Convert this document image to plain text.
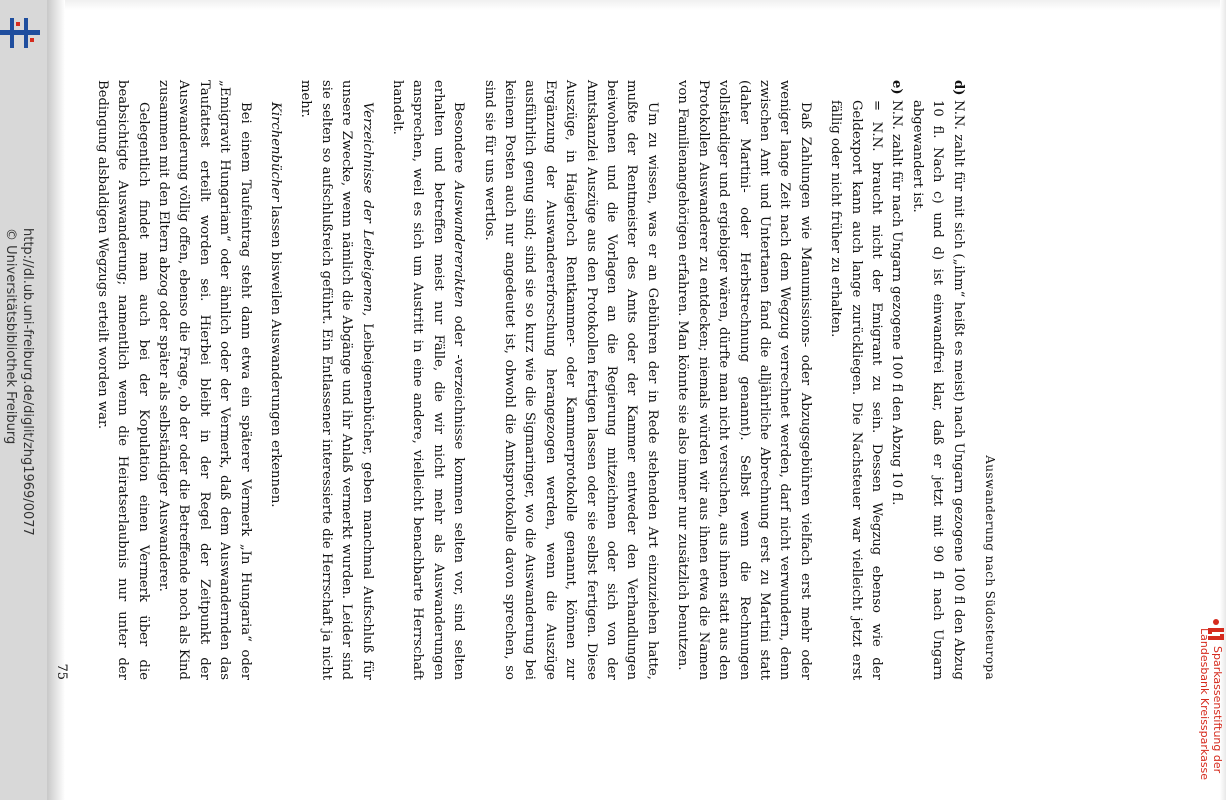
http://dl.ub.uni-freiburg.de/diglit/zhg1969/0077
© Universitätsbibliothek Freiburg
Sparkassenstiftung der
Landesbank Kreissparkasse
Auswanderung nach Südosteuropa
d)
N.N. zahlt für mit sich („ihm“ heißt es meist) nach Ungarn gezogene 100 fl den Abzug 10 fl. Nach c) und d) ist einwandfrei klar, daß er jetzt mit 90 fl nach Ungarn abgewandert ist.
e)

N.N. zahlt für nach Ungarn gezogene 100 fl den Abzug 10 fl.

= N.N. braucht nicht der Emigrant zu sein. Dessen Wegzug ebenso wie der Geldexport kann auch lange zurückliegen. Die Nachsteuer war vielleicht jetzt erst fällig oder nicht früher zu erhalten.

Daß Zahlungen wie Manumissions- oder Abzugsgebühren vielfach erst mehr oder weniger lange Zeit nach dem Wegzug verrechnet werden, darf nicht verwundern, denn zwischen Amt und Untertanen fand die alljährliche Abrechnung erst zu Martini statt (daher Martini- oder Herbstrechnung genannt). Selbst wenn die Rechnungen vollständiger und ergiebiger wären, dürfte man nicht versuchen, aus ihnen statt aus den Protokollen Auswanderer zu entdecken; niemals würden wir aus ihnen etwa die Namen von Familienangehörigen erfahren. Man könnte sie also immer nur zusätzlich benutzen.

Um zu wissen, was er an Gebühren der in Rede stehenden Art einzuziehen hatte, mußte der Rentmeister des Amts oder der Kammer entweder den Verhandlungen beiwohnen und die Vorlagen an die Regierung mitzeichnen oder sich von der Amtskanzlei Auszüge aus den Protokollen fertigen lassen oder sie selbst fertigen. Diese Auszüge, in Haigerloch Rentkammer- oder Kammerprotokolle genannt, können zur Ergänzung der Auswandererforschung herangezogen werden, wenn die Auszüge ausführlich genug sind; sind sie so kurz wie die Sigmaringer, wo die Auswanderung bei keinem Posten auch nur angedeutet ist, obwohl die Amtsprotokolle davon sprechen, so sind sie für uns wertlos.

Besondere Auswandererakten oder -verzeichnisse kommen selten vor, sind selten erhalten und betreffen meist nur Fälle, die wir nicht mehr als Auswanderungen ansprechen, weil es sich um Austritt in eine andere, vielleicht benachbarte Herrschaft handelt.

Verzeichnisse der Leibeigenen, Leibeigenenbücher, geben manchmal Aufschluß für unsere Zwecke, wenn nämlich die Abgänge und ihr Anlaß vermerkt wurden. Leider sind sie selten so aufschlußreich geführt. Ein Entlassener interessierte die Herrschaft ja nicht mehr.

Kirchenbücher lassen bisweilen Auswanderungen erkennen.

Bei einem Taufeintrag steht dann etwa ein späterer Vermerk „In Hungaria“ oder „Emigravit Hungariam“ oder ähnlich oder der Vermerk, daß dem Auswandernden das Taufattest erteilt worden sei. Hierbei bleibt in der Regel der Zeitpunkt der Auswanderung völlig offen, ebenso die Frage, ob der oder die Betreffende noch als Kind zusammen mit den Eltern abzog oder später als selbständiger Auswanderer.

Gelegentlich findet man auch bei der Kopulation einen Vermerk über die beabsichtigte Auswanderung; namentlich wenn die Heiratserlaubnis nur unter der Bedingung alsbaldigen Wegzugs erteilt worden war.

75
